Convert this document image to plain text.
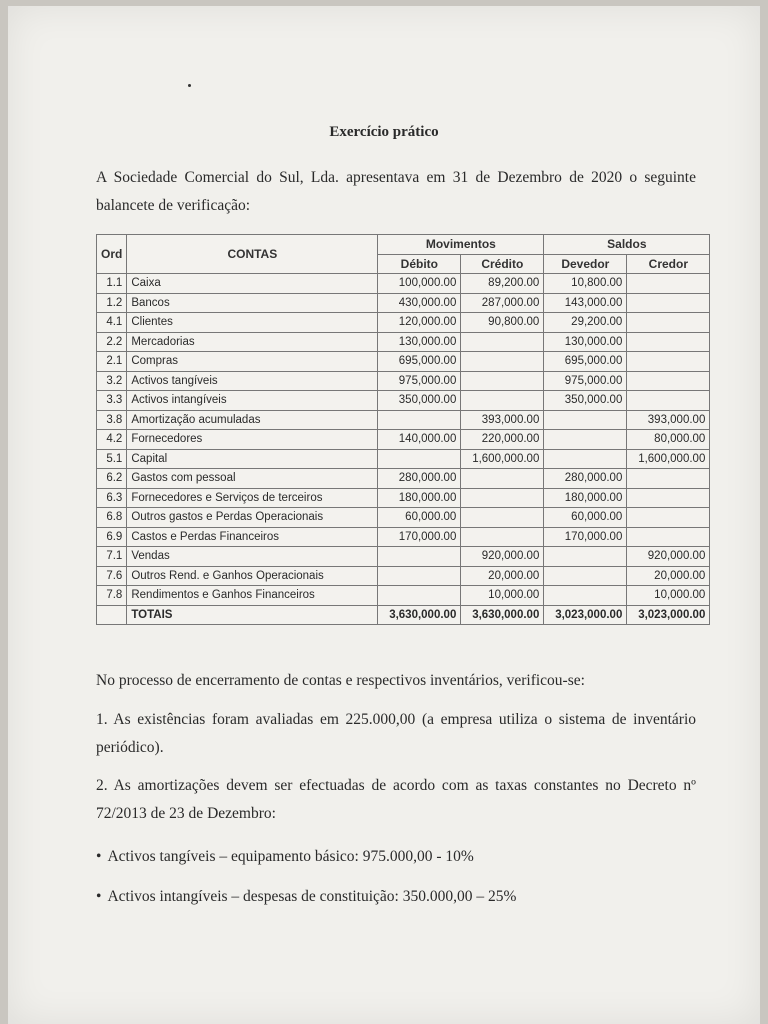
Exercício prático
A Sociedade Comercial do Sul, Lda. apresentava em 31 de Dezembro de 2020 o seguinte balancete de verificação:
Ord	CONTAS	Movimentos		Saldos	
		Débito	Crédito	Devedor	Credor
1.1	Caixa	100,000.00	89,200.00	10,800.00	
1.2	Bancos	430,000.00	287,000.00	143,000.00	
4.1	Clientes	120,000.00	90,800.00	29,200.00	
2.2	Mercadorias	130,000.00		130,000.00	
2.1	Compras	695,000.00		695,000.00	
3.2	Activos tangíveis	975,000.00		975,000.00	
3.3	Activos intangíveis	350,000.00		350,000.00	
3.8	Amortização acumuladas		393,000.00		393,000.00
4.2	Fornecedores	140,000.00	220,000.00		80,000.00
5.1	Capital		1,600,000.00		1,600,000.00
6.2	Gastos com pessoal	280,000.00		280,000.00	
6.3	Fornecedores e Serviços de terceiros	180,000.00		180,000.00	
6.8	Outros gastos e Perdas Operacionais	60,000.00		60,000.00	
6.9	Castos e Perdas Financeiros	170,000.00		170,000.00	
7.1	Vendas		920,000.00		920,000.00
7.6	Outros Rend. e Ganhos Operacionais		20,000.00		20,000.00
7.8	Rendimentos e Ganhos Financeiros		10,000.00		10,000.00
	TOTAIS	3,630,000.00	3,630,000.00	3,023,000.00	3,023,000.00
No processo de encerramento de contas e respectivos inventários, verificou-se:
1. As existências foram avaliadas em 225.000,00 (a empresa utiliza o sistema de inventário periódico).
2. As amortizações devem ser efectuadas de acordo com as taxas constantes no Decreto nº 72/2013 de 23 de Dezembro:
• Activos tangíveis – equipamento básico: 975.000,00 - 10%
• Activos intangíveis – despesas de constituição: 350.000,00 – 25%
